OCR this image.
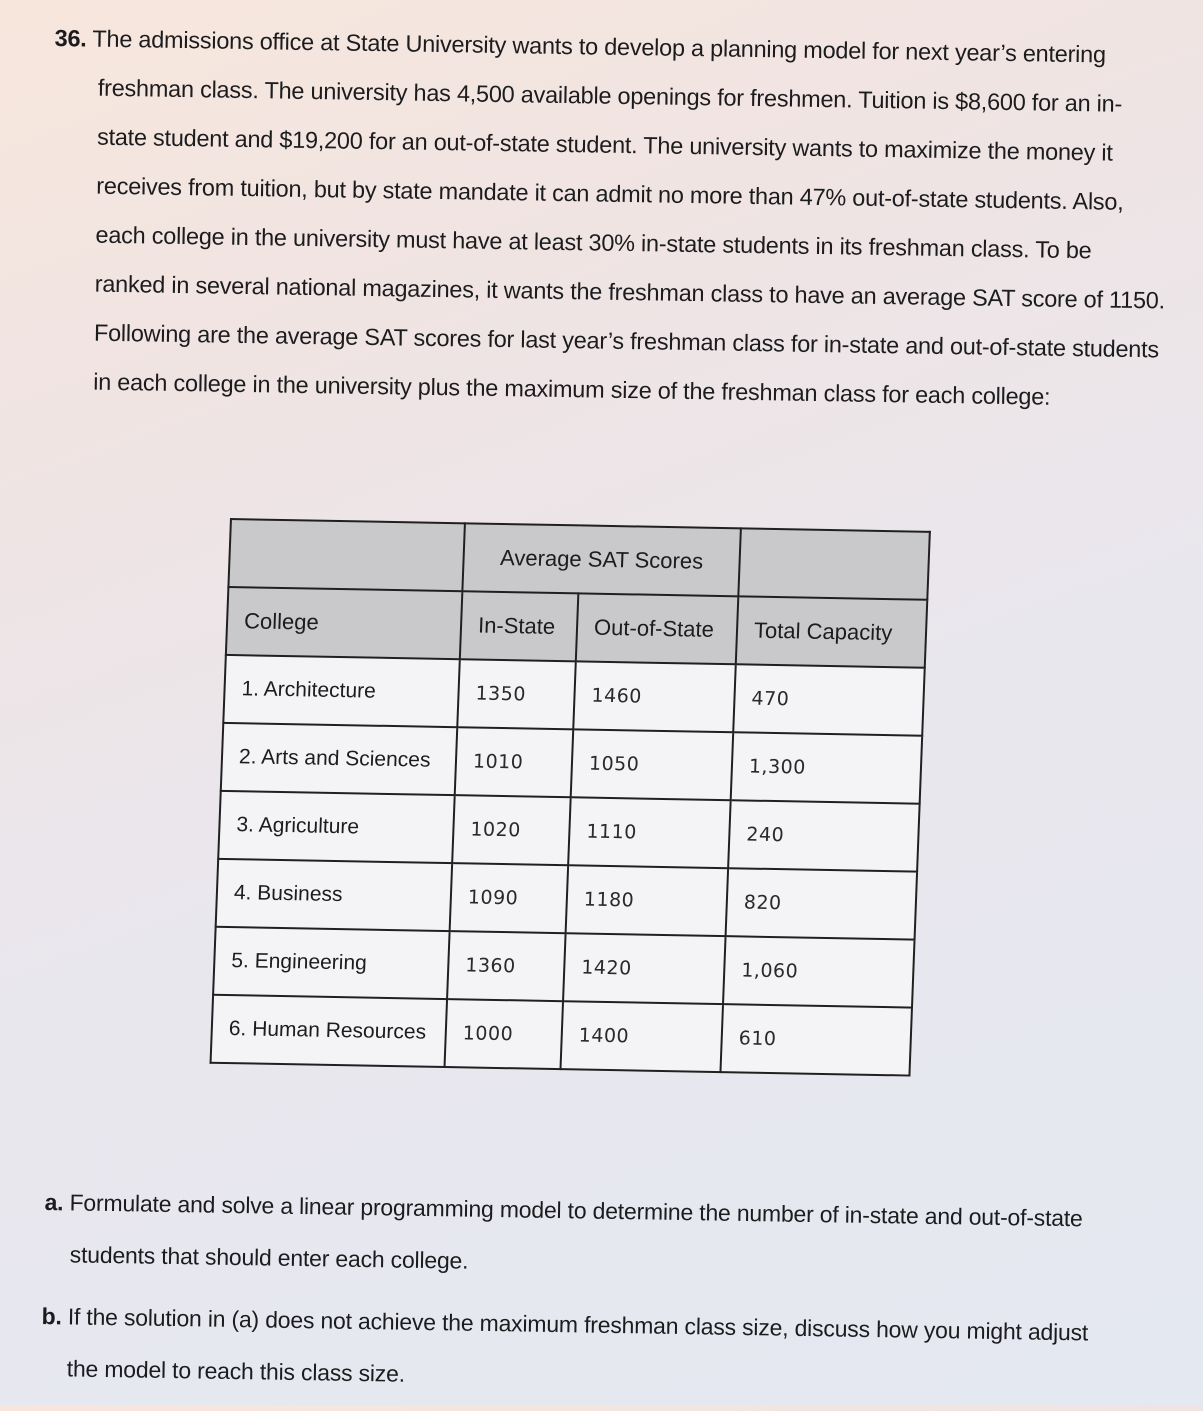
36. The admissions office at State University wants to develop a planning model for next year’s entering freshman class. The university has 4,500 available openings for freshmen. Tuition is $8,600 for an in-state student and $19,200 for an out-of-state student. The university wants to maximize the money it receives from tuition, but by state mandate it can admit no more than 47% out-of-state students. Also, each college in the university must have at least 30% in-state students in its freshman class. To be ranked in several national magazines, it wants the freshman class to have an average SAT score of 1150. Following are the average SAT scores for last year’s freshman class for in-state and out-of-state students in each college in the university plus the maximum size of the freshman class for each college:

	Average SAT Scores		
College	In-State	Out-of-State	Total Capacity
1. Architecture	1350	1460	470
2. Arts and Sciences	1010	1050	1,300
3. Agriculture	1020	1110	240
4. Business	1090	1180	820
5. Engineering	1360	1420	1,060
6. Human Resources	1000	1400	610

a. Formulate and solve a linear programming model to determine the number of in-state and out-of-state students that should enter each college.

b. If the solution in (a) does not achieve the maximum freshman class size, discuss how you might adjust the model to reach this class size.
